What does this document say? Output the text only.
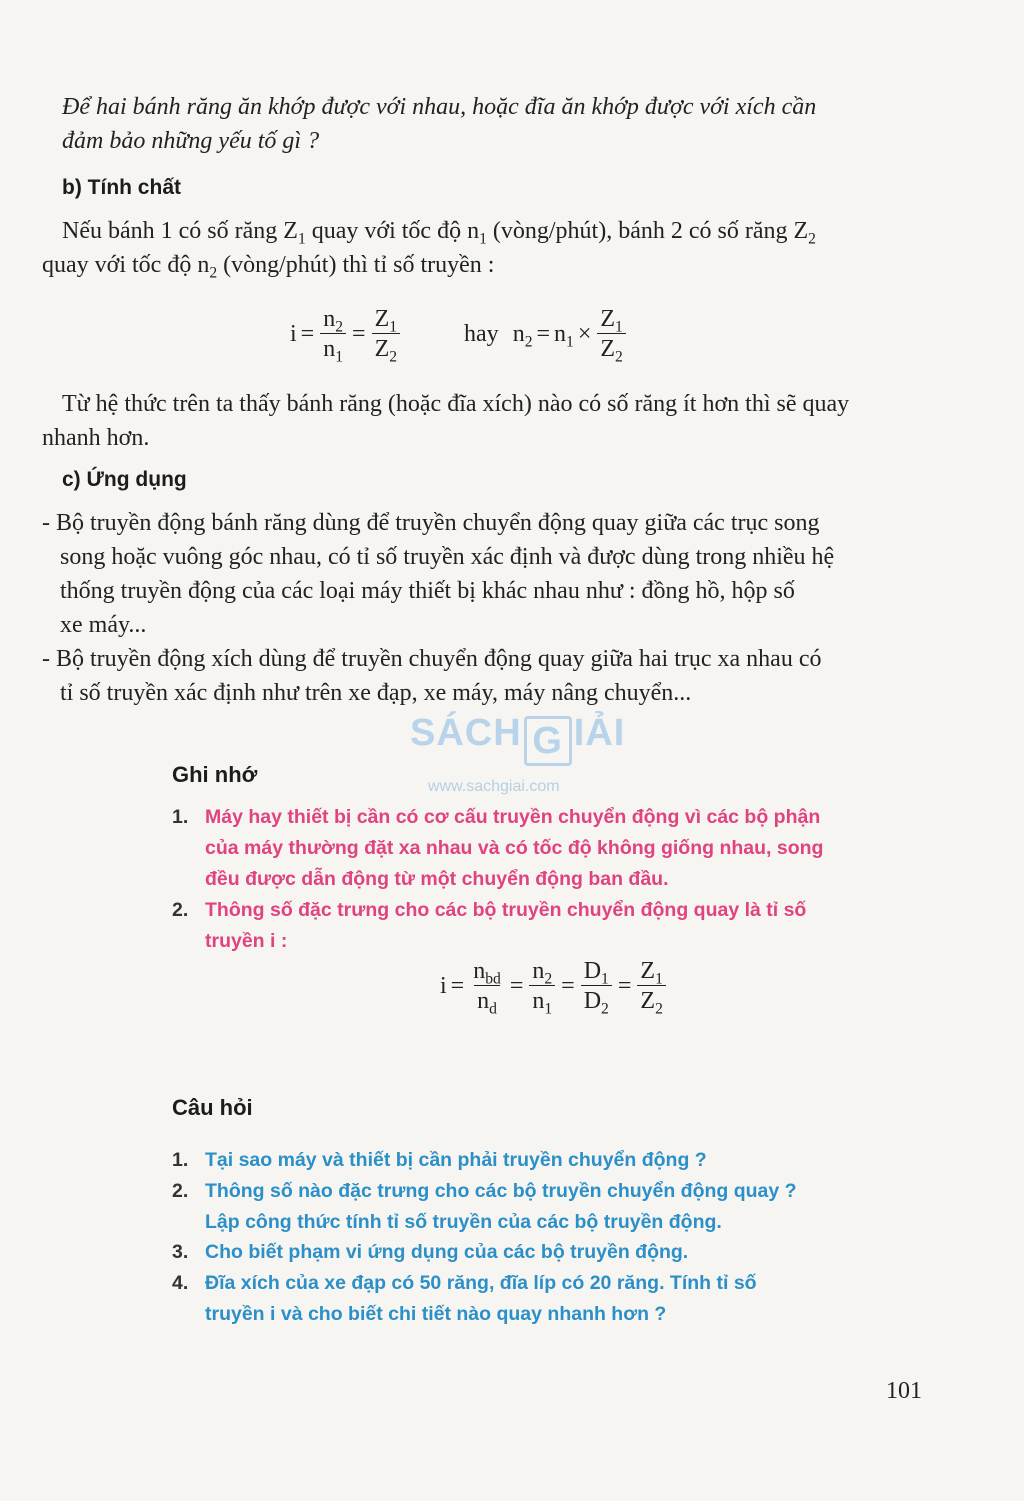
Để hai bánh răng ăn khớp được với nhau, hoặc đĩa ăn khớp được với xích cần
đảm bảo những yếu tố gì ?
b) Tính chất
Nếu bánh 1 có số răng $Z_1$ quay với tốc độ $n_1$ (vòng/phút), bánh 2 có số răng $Z_2$
quay với tốc độ $n_2$ (vòng/phút) thì tỉ số truyền :
$i = \frac{n_2}{n_1} = \frac{Z_1}{Z_2}$	hay $n_2 = n_1 \times \frac{Z_1}{Z_2}$
Từ hệ thức trên ta thấy bánh răng (hoặc đĩa xích) nào có số răng ít hơn thì sẽ quay
nhanh hơn.
c) Ứng dụng
- Bộ truyền động bánh răng dùng để truyền chuyển động quay giữa các trục song
song hoặc vuông góc nhau, có tỉ số truyền xác định và được dùng trong nhiều hệ
thống truyền động của các loại máy thiết bị khác nhau như : đồng hồ, hộp số
xe máy...
- Bộ truyền động xích dùng để truyền chuyển động quay giữa hai trục xa nhau có
tỉ số truyền xác định như trên xe đạp, xe máy, máy nâng chuyển...
SÁCH G IẢI
www.sachgiai.com
Ghi nhớ
1. Máy hay thiết bị cần có cơ cấu truyền chuyển động vì các bộ phận
của máy thường đặt xa nhau và có tốc độ không giống nhau, song
đều được dẫn động từ một chuyển động ban đầu.
2. Thông số đặc trưng cho các bộ truyền chuyển động quay là tỉ số
truyền i :
$i = \frac{n_{bd}}{n_d} = \frac{n_2}{n_1} = \frac{D_1}{D_2} = \frac{Z_1}{Z_2}$
Câu hỏi
1. Tại sao máy và thiết bị cần phải truyền chuyển động ?
2. Thông số nào đặc trưng cho các bộ truyền chuyển động quay ?
Lập công thức tính tỉ số truyền của các bộ truyền động.
3. Cho biết phạm vi ứng dụng của các bộ truyền động.
4. Đĩa xích của xe đạp có 50 răng, đĩa líp có 20 răng. Tính tỉ số
truyền i và cho biết chi tiết nào quay nhanh hơn ?
101
